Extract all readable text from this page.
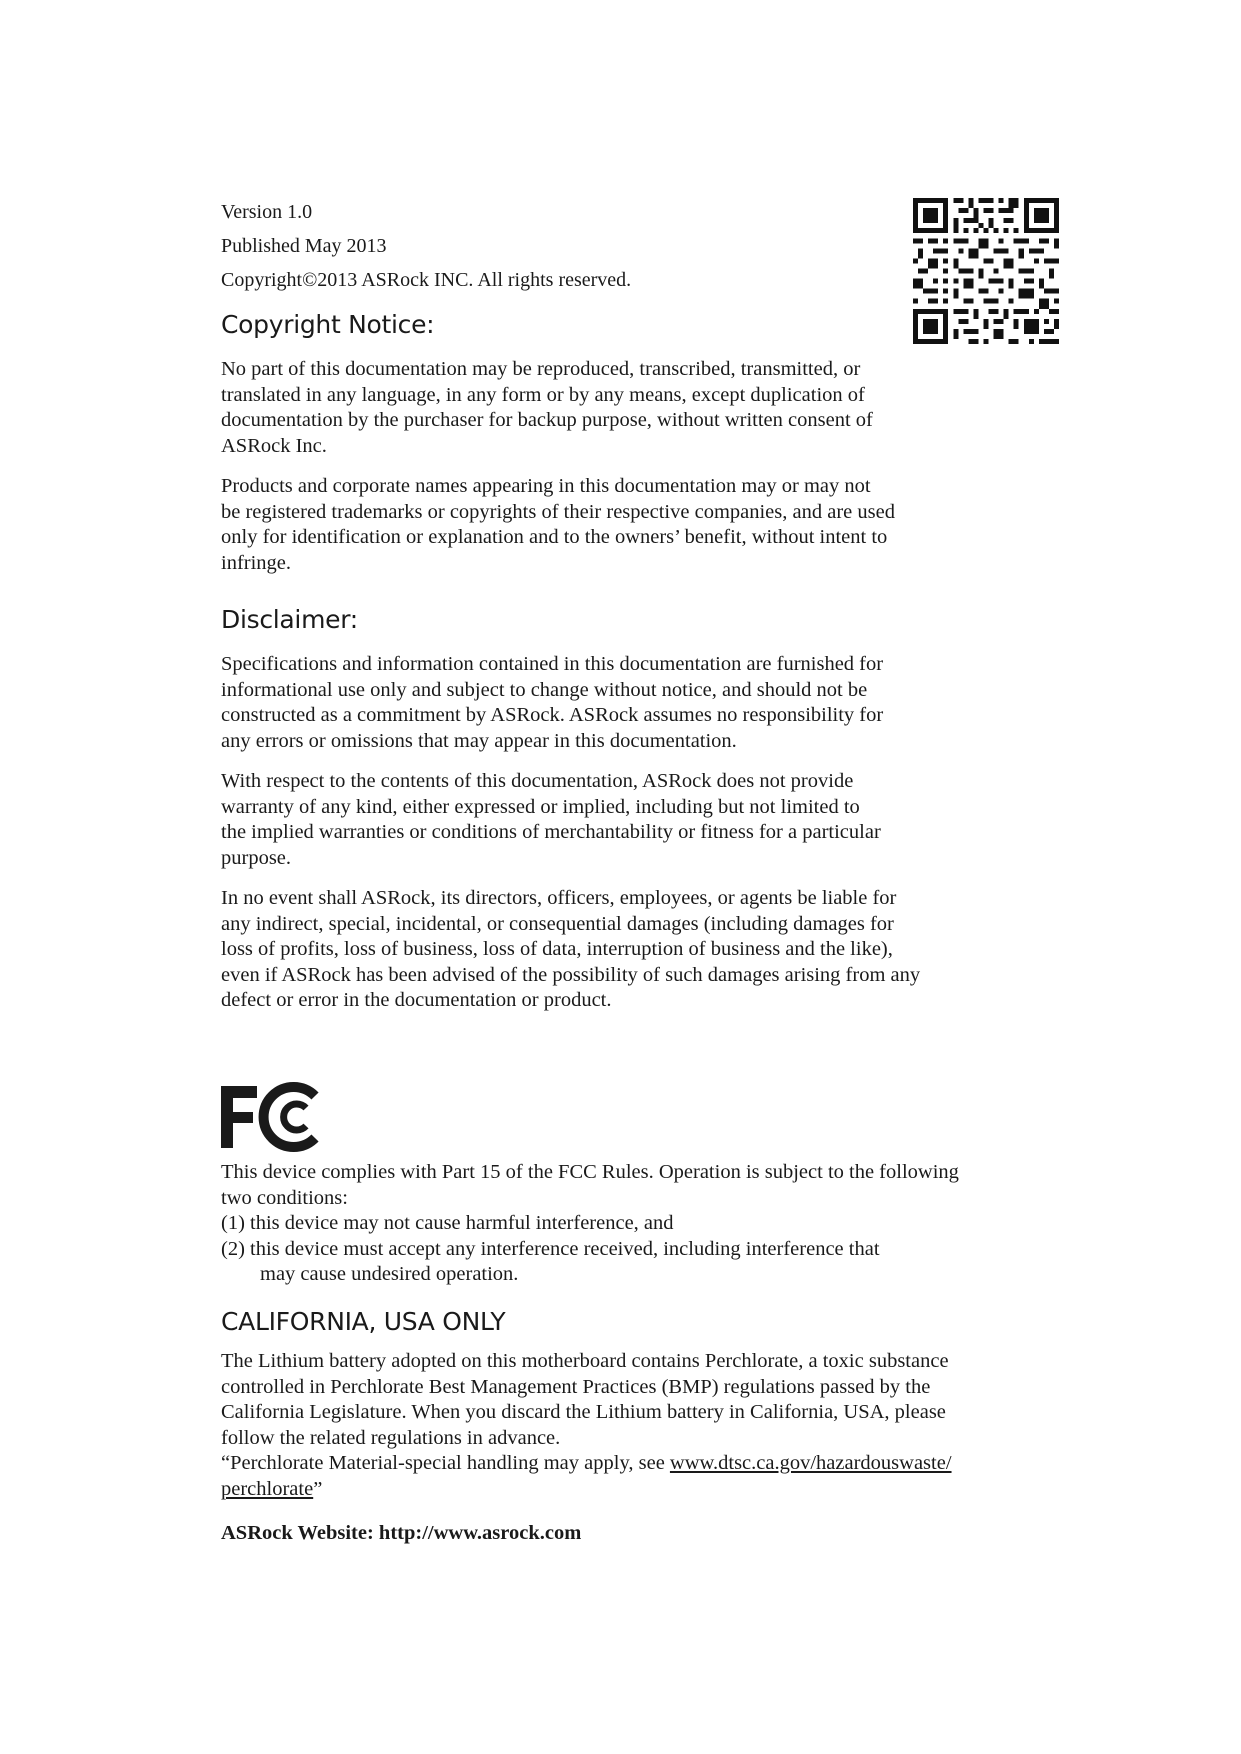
Version 1.0
Published May 2013
Copyright©2013 ASRock INC. All rights reserved.
Copyright Notice:

No part of this documentation may be reproduced, transcribed, transmitted, or
translated in any language, in any form or by any means, except duplication of
documentation by the purchaser for backup purpose, without written consent of
ASRock Inc.

Products and corporate names appearing in this documentation may or may not
be registered trademarks or copyrights of their respective companies, and are used
only for identification or explanation and to the owners’ benefit, without intent to
infringe.

Disclaimer:

Specifications and information contained in this documentation are furnished for
informational use only and subject to change without notice, and should not be
constructed as a commitment by ASRock. ASRock assumes no responsibility for
any errors or omissions that may appear in this documentation.

With respect to the contents of this documentation, ASRock does not provide
warranty of any kind, either expressed or implied, including but not limited to
the implied warranties or conditions of merchantability or fitness for a particular
purpose.

In no event shall ASRock, its directors, officers, employees, or agents be liable for
any indirect, special, incidental, or consequential damages (including damages for
loss of profits, loss of business, loss of data, interruption of business and the like),
even if ASRock has been advised of the possibility of such damages arising from any
defect or error in the documentation or product.

This device complies with Part 15 of the FCC Rules. Operation is subject to the following

two conditions:

(1) this device may not cause harmful interference, and
(2) this device must accept any interference received, including interference that
may cause undesired operation.
CALIFORNIA, USA ONLY

The Lithium battery adopted on this motherboard contains Perchlorate, a toxic substance

controlled in Perchlorate Best Management Practices (BMP) regulations passed by the

California Legislature. When you discard the Lithium battery in California, USA, please

follow the related regulations in advance.

“Perchlorate Material-special handling may apply, see www.dtsc.ca.gov/hazardouswaste/

perchlorate”

ASRock Website: http://www.asrock.com
